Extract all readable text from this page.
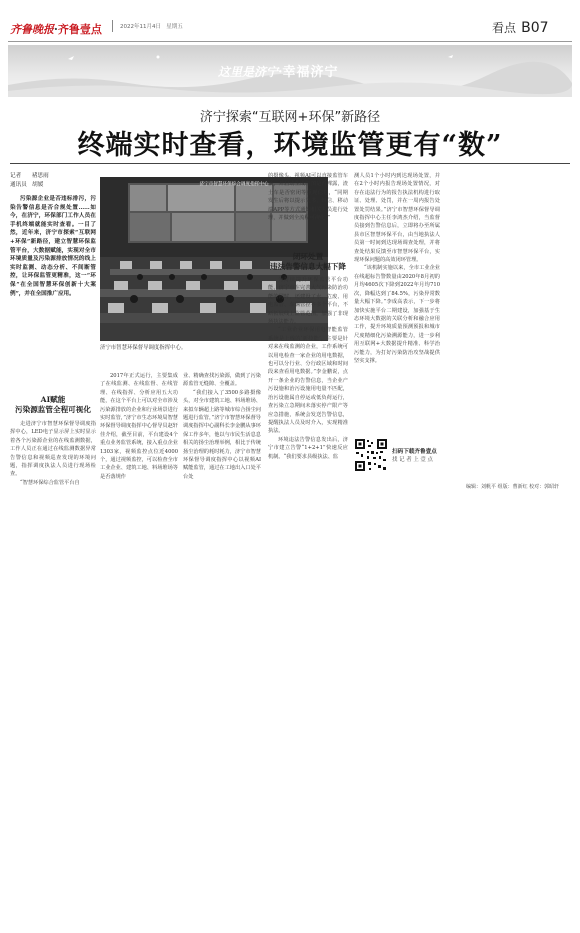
齐鲁晚报·齐鲁壹点	2022年11月4日 星期五	看点 B07
这里是济宁·幸福济宁
济宁探索“互联网+环保”新路径
终端实时查看，环境监管更有“数”
记者 褚思雨
通讯员 胡媛

污染源企业是否违标排污，污染告警信息是否合规处置……如今，在济宁，环保部门工作人员在手机终端就能实时查看。一目了然，近年来，济宁市探索“互联网+环保”新路径，建立智慧环保监管平台，大数据赋能，实现对全市环境质量及污染源排放情况的线上实时监测、动态分析、不间断管控，让环保监管更精准，这一“环保”在全国智慧环保创新十大案例”，并在全国推广应用。

济宁市智慧环保综合调度指挥中心
济宁市智慧环保督导调度指挥中心。
AI赋能
污染源监管全程可视化

走进济宁市智慧环保督导调度指挥中心，LED电子显示屏上实时显示着各个污染源企业的在线监测数据，工作人员正在通过在线监测数据异常告警信息和视频巡查发现的环境问题，指挥调度执法人员进行现场检查。

“智慧环保综合监管平台自

2017年正式运行，主要集成了在线监测、在线监督、在线管理、在线指挥、分析应用五大功能，在这个平台上可以对全市涉及污染源排放的企业和行业场景进行实时监管，”济宁市生态环境局智慧环保督导调度指挥中心督导员赵轩佳介绍，截至目前，平台建设4个重点业务监管系统，接入重点企业1303家，视频监控点位近4000个，通过视频监控，可以检查全市工业企业、建筑工地、料场堆场等是否落规作

业、精确查找污染源，做到了污染源监管无缝隙、全覆盖。

“我们接入了3500多路摄像头，对全市建筑工地、料场堆场、来拟车辆超上路等城市综合扬尘问题进行监管，”济宁市智慧环保督导调度指挥中心副科长李金鹏从事环保工作多年，他以与市民生活息息相关的扬尘治理举例，相比于传统扬尘治理的耗时耗力，济宁市智慧环保督导调度指挥中心以视频AI赋能监管，通过在工地出入口处平台处

的摄像头，视频AI可以直接监管车辆，并启动生成帕图是否裸露，渣土车是否密闭等重现信息，“同期发生后将以提示文书、短信、移动端APP等方式通知相关人员进行处理，并做到全流程可视化。”

闭环处置
违法告警信息大幅下降

为持续提升环保监管平台功能，济宁市在完善大气污染防治功能的同时，还建设了水、危废、用电监管、车辆管控等多个平台，不断拓展线上监管范围，加强了非现场执法能力。

“工业企业环保用电智能监管系统是上线的‘新技能’，主要是针对来在线监测的企业，工作系统可以用电检查一家企业的用电数据，也可以分行业、分行政区域和时间段来查看用电数据。”李金鹏说，点开一条企业的告警信息，当企业产污设施和治污设施用电量不匹配，治污设施属自停运或低负荷运行，查污染立急期间未落实停产限产等应急措施，系统会发送告警信息，提醒执法人员及时介入，实现精准执法。

环境违法告警信息发出后，济宁市建立告警“1+2+1”快速反应机制。“我们要求县级执法、监

测人员1个小时内到达现场处置，并在2个小时内报告现场处置情况，对存在违法行为的报告执法机构进行取证、处理、处罚，并在一周内报告处置处罚结果。”济宁市智慧环保督导调度指挥中心主任李鸿杰介绍，当监督员接到告警信息后，立即将办至所属县市区智慧环保平台，由当地执法人员第一时间到达现场调查处理，并将查处结果反馈至市智慧环保平台，实现环保问题的高效闭环管理。

“该机制实施以来，全市工业企业在线超标告警数量由2020年8月初的月均4605次下降到2022年月均710次，降幅达到了84.5%，污染异常数量大幅下降。”李成高表示，下一步将加快实施平台二期建设，加强基于生态环境大数据的关联分析和融合应用工作，提升环境质量预测预报和城市尺度精细化污染溯源能力，进一步利用互联网+大数据提升精准、科学治污能力，为打好污染防治攻坚战提供坚实支撑。

扫码下载齐鲁壹点
找 记 者 上 壹 点
编辑：刘帆平 组版：曹新红 校对：郭昭轩
